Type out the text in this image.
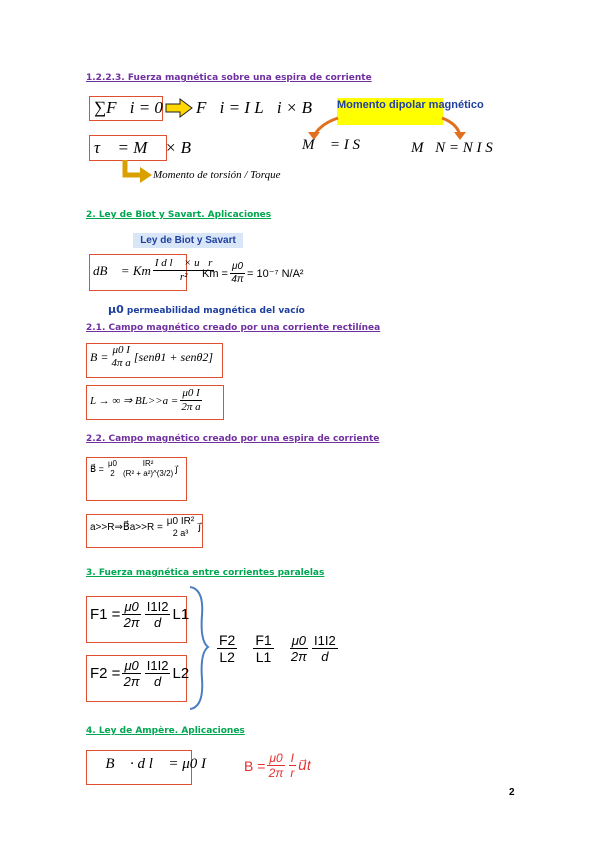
1.2.2.3. Fuerza magnética sobre una espira de corriente
∑F⃗i = 0 F⃗i = I L⃗i × B⃗ Momento dipolar magnético
M⃗ = I S⃗	M⃗N = N I S⃗
τ⃗ = M⃗ × B⃗
Momento de torsión / Torque
2. Ley de Biot y Savart. Aplicaciones
Ley de Biot y Savart
dB⃗ = Km $\frac{\text{I d l⃗ × u⃗r}}{\text{r²}}$
$Km = \frac{\mu 0}{4\pi} = 10^{-7}$ N/A²
μ0 permeabilidad magnética del vacío
2.1. Campo magnético creado por una corriente rectilínea
B = μ0 I
4π a [senθ1 + senθ2]
L → ∞ ⇒ $BL>>a = \frac{\mu 0 I}{\text{2π a}}$
2.2. Campo magnético creado por una espira de corriente
B⃗ = μ0
2
IR²
(R² + a²)^(3/2) j⃗
a>>R⇒B⃗a>>R =
μ0 IR²
2 a³ j⃗
3. Fuerza magnética entre corrientes paralelas
$F1 = \frac{\mu 0}{2\pi} \frac{I1I2}{d} L1$
$F2 = \frac{\mu 0}{2\pi} \frac{I1I2}{d} L2$
$\frac{F2}{L2} \frac{F1}{L1} \frac{\mu 0}{2\pi} \frac{I1I2}{d}$
4. Ley de Ampère. Aplicaciones
∮ B⃗ · d l⃗ = μ0 I	$B = \frac{\mu 0}{2\pi} \frac{I}{r}$ u⃗t
2
